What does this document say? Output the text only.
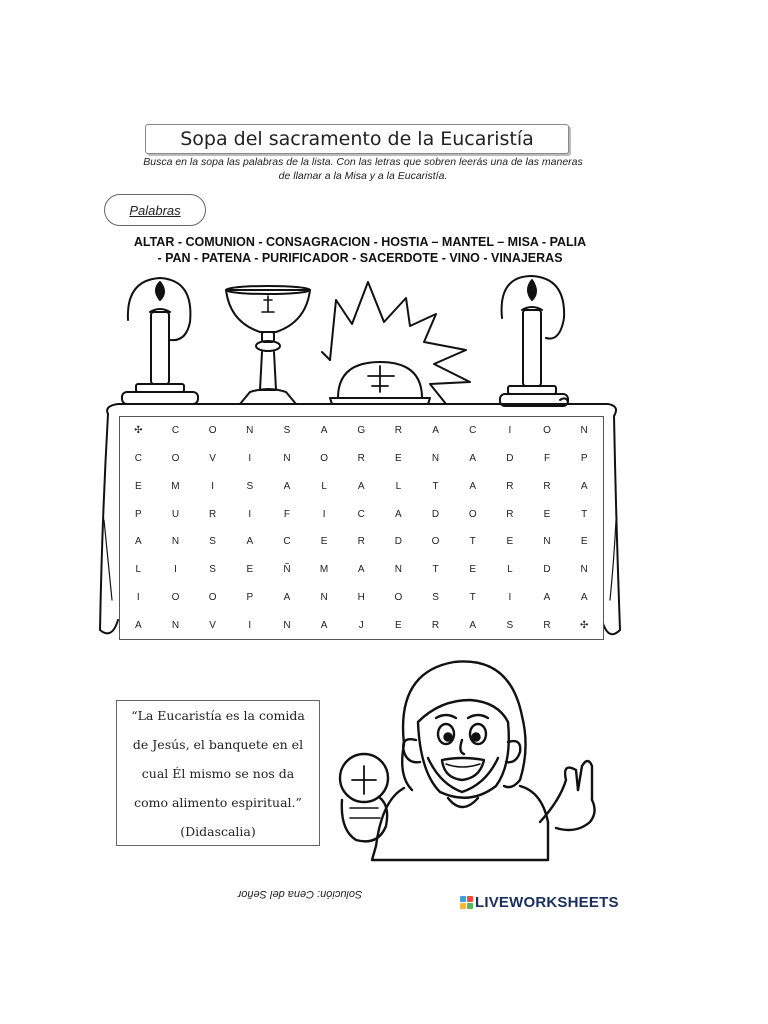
Sopa del sacramento de la Eucaristía
Busca en la sopa las palabras de la lista. Con las letras que sobren leerás una de las maneras
de llamar a la Misa y a la Eucaristía.
Palabras
ALTAR - COMUNION - CONSAGRACION - HOSTIA – MANTEL – MISA - PALIA
- PAN - PATENA - PURIFICADOR - SACERDOTE - VINO - VINAJERAS
✣	C	O	N	S	A	G	R	A	C	I	O	N
C	O	V	I	N	O	R	E	N	A	D	F	P
E	M	I	S	A	L	A	L	T	A	R	R	A
P	U	R	I	F	I	C	A	D	O	R	E	T
A	N	S	A	C	E	R	D	O	T	E	N	E
L	I	S	E	Ñ	M	A	N	T	E	L	D	N
I	O	O	P	A	N	H	O	S	T	I	A	A
A	N	V	I	N	A	J	E	R	A	S	R	✣
“La Eucaristía es la comida
de Jesús, el banquete en el
cual Él mismo se nos da
como alimento espiritual.”
(Didascalia)
Solución: Cena del Señor	LIVEWORKSHEETS
